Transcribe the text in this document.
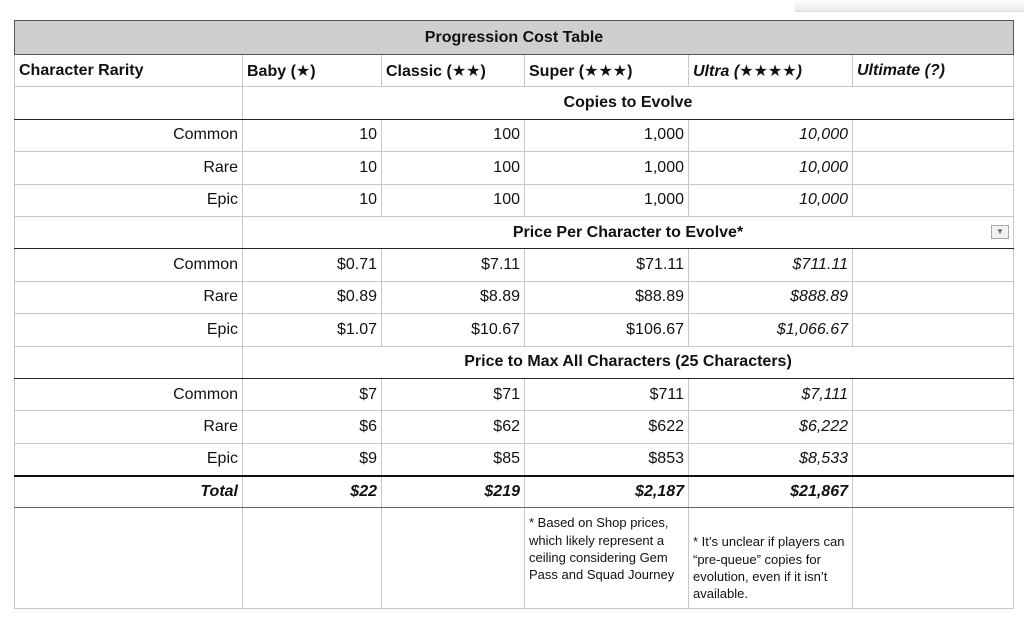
Progression Cost Table					
Character Rarity	Baby (★)	Classic (★★)	Super (★★★)	Ultra (★★★★)	Ultimate (?)
	Copies to Evolve				
Common	10	100	1,000	10,000	
Rare	10	100	1,000	10,000	
Epic	10	100	1,000	10,000	
	Price Per Character to Evolve* ▼				

Common	$0.71	$7.11	$71.11	$711.11	
Rare	$0.89	$8.89	$88.89	$888.89	
Epic	$1.07	$10.67	$106.67	$1,066.67	
	Price to Max All Characters (25 Characters)				
Common	$7	$71	$711	$7,111	
Rare	$6	$62	$622	$6,222	
Epic	$9	$85	$853	$8,533	
Total	$22	$219	$2,187	$21,867	
			* Based on Shop prices, which likely represent a ceiling considering Gem Pass and Squad Journey	* It’s unclear if players can “pre-queue” copies for evolution, even if it isn’t available.	
